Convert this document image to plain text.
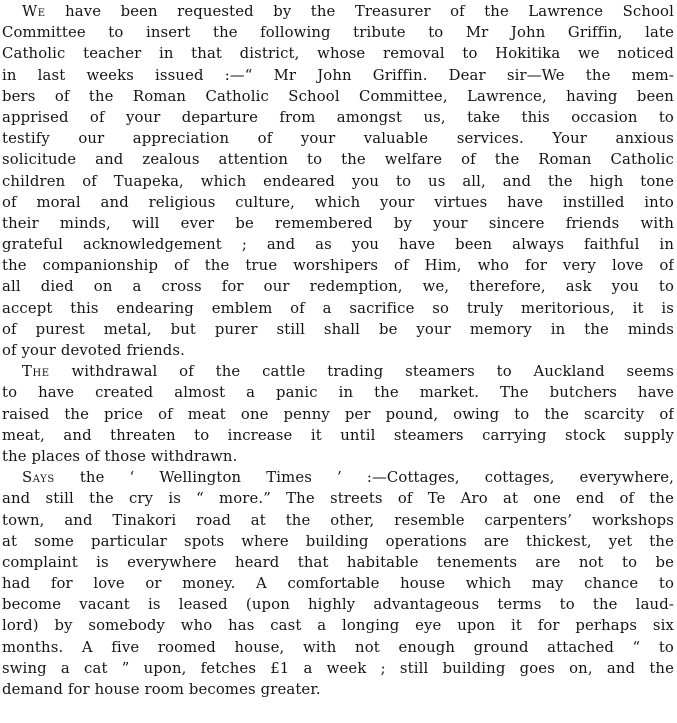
We have been requested by the Treasurer of the Lawrence School
Committee to insert the following tribute to Mr John Griffin, late
Catholic teacher in that district, whose removal to Hokitika we noticed
in last weeks issued :—“ Mr John Griffin. Dear sir—We the mem-
bers of the Roman Catholic School Committee, Lawrence, having been
apprised of your departure from amongst us, take this occasion to
testify our appreciation of your valuable services. Your anxious
solicitude and zealous attention to the welfare of the Roman Catholic
children of Tuapeka, which endeared you to us all, and the high tone
of moral and religious culture, which your virtues have instilled into
their minds, will ever be remembered by your sincere friends with
grateful acknowledgement ; and as you have been always faithful in
the companionship of the true worshipers of Him, who for very love of
all died on a cross for our redemption, we, therefore, ask you to
accept this endearing emblem of a sacrifice so truly meritorious, it is
of purest metal, but purer still shall be your memory in the minds
of your devoted friends.

The withdrawal of the cattle trading steamers to Auckland seems
to have created almost a panic in the market. The butchers have
raised the price of meat one penny per pound, owing to the scarcity of
meat, and threaten to increase it until steamers carrying stock supply
the places of those withdrawn.

Says the ‘ Wellington Times ’ :—Cottages, cottages, everywhere,
and still the cry is “ more.” The streets of Te Aro at one end of the
town, and Tinakori road at the other, resemble carpenters’ workshops
at some particular spots where building operations are thickest, yet the
complaint is everywhere heard that habitable tenements are not to be
had for love or money. A comfortable house which may chance to
become vacant is leased (upon highly advantageous terms to the laud-
lord) by somebody who has cast a longing eye upon it for perhaps six
months. A five roomed house, with not enough ground attached “ to
swing a cat ” upon, fetches £1 a week ; still building goes on, and the
demand for house room becomes greater.
